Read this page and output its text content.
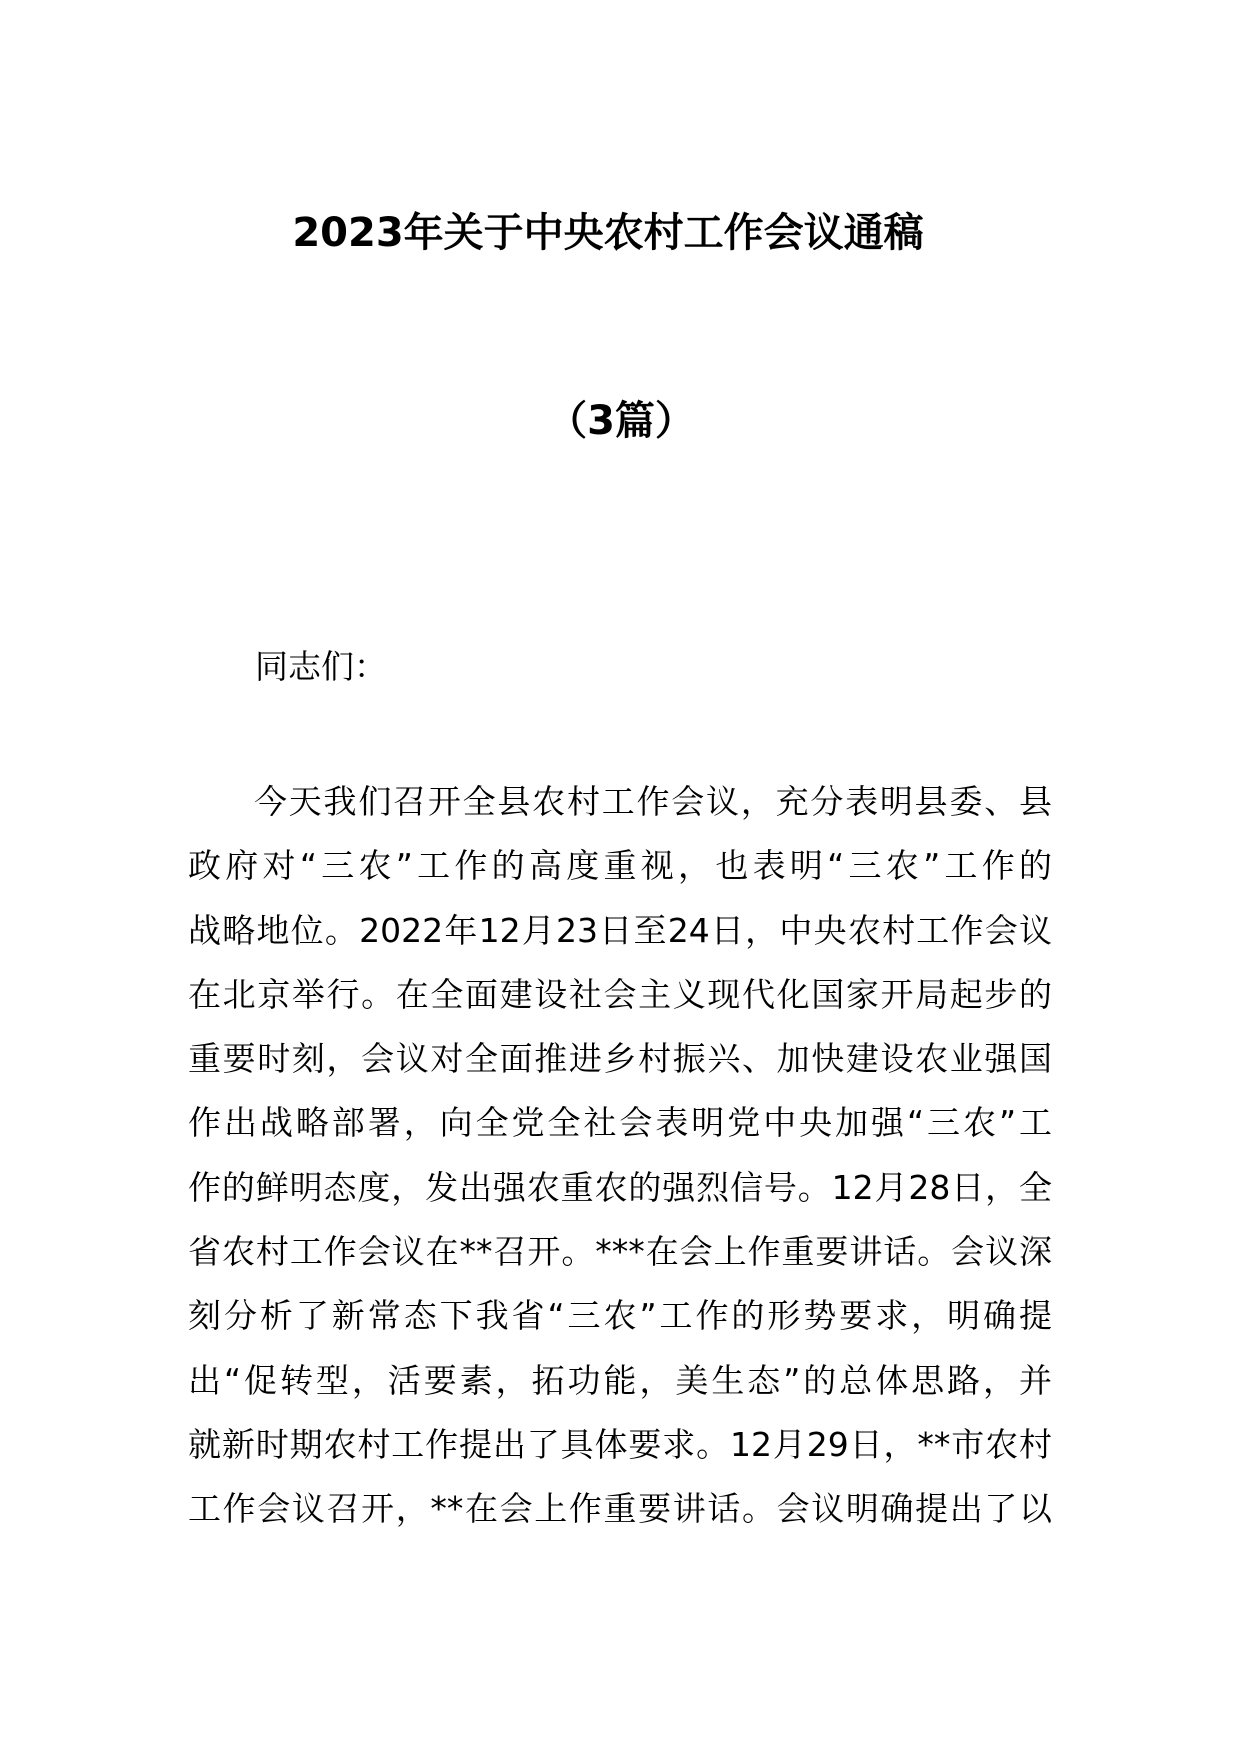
2023年关于中央农村工作会议通稿
（3篇）
同志们：
今天我们召开全县农村工作会议，充分表明县委、县
政府对“三农”工作的高度重视，也表明“三农”工作的
战略地位。2022年12月23日至24日，中央农村工作会议
在北京举行。在全面建设社会主义现代化国家开局起步的
重要时刻，会议对全面推进乡村振兴、加快建设农业强国
作出战略部署，向全党全社会表明党中央加强“三农”工
作的鲜明态度，发出强农重农的强烈信号。12月28日，全
省农村工作会议在**召开。***在会上作重要讲话。会议深
刻分析了新常态下我省“三农”工作的形势要求，明确提
出“促转型，活要素，拓功能，美生态”的总体思路，并
就新时期农村工作提出了具体要求。12月29日，**市农村
工作会议召开，**在会上作重要讲话。会议明确提出了以
